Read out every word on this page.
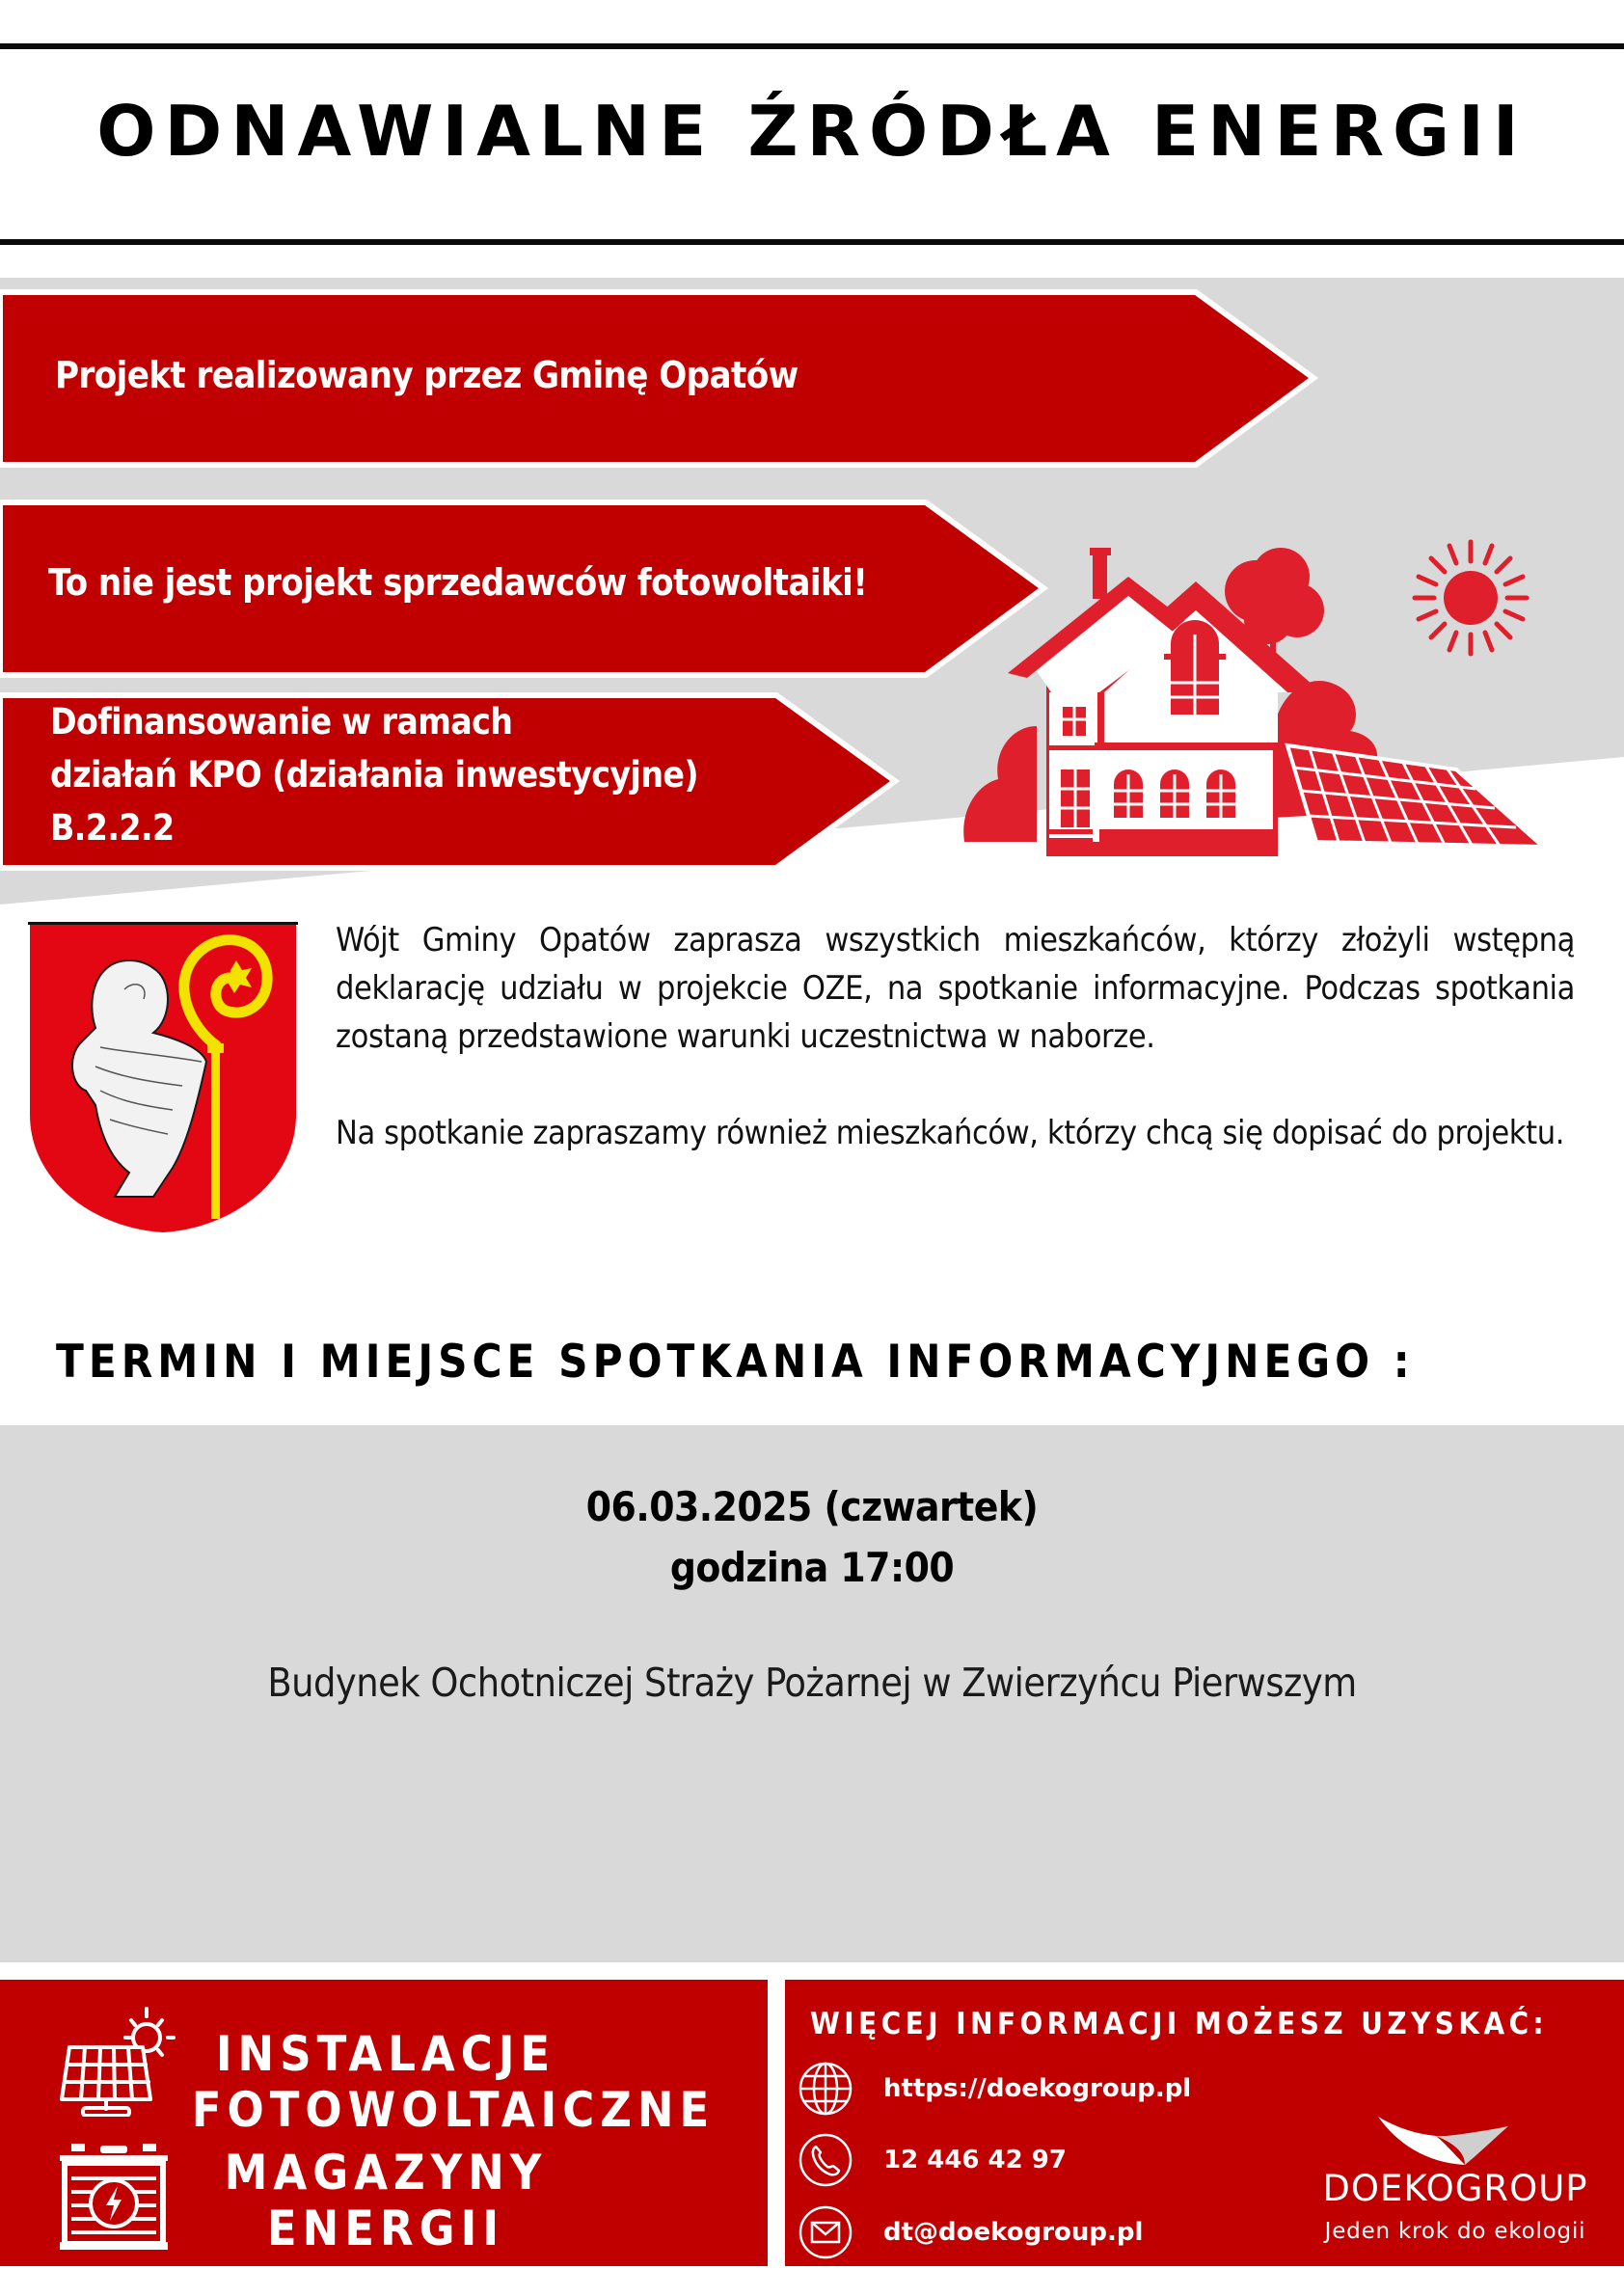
ODNAWIALNE ŹRÓDŁA ENERGII
Projekt realizowany przez Gminę Opatów
To nie jest projekt sprzedawców fotowoltaiki!
Dofinansowanie w ramach
działań KPO (działania inwestycyjne)
B.2.2.2

Wójt Gminy Opatów zaprasza wszystkich mieszkańców, którzy złożyli wstępną deklarację udziału w projekcie OZE, na spotkanie informacyjne. Podczas spotkania zostaną przedstawione warunki uczestnictwa w naborze.

Na spotkanie zapraszamy również mieszkańców, którzy chcą się dopisać do projektu.

TERMIN I MIEJSCE SPOTKANIA INFORMACYJNEGO :
06.03.2025 (czwartek)
godzina 17:00
Budynek Ochotniczej Straży Pożarnej w Zwierzyńcu Pierwszym
INSTALACJE
FOTOWOLTAICZNE
MAGAZYNY
ENERGII
WIĘCEJ INFORMACJI MOŻESZ UZYSKAĆ:
https://doekogroup.pl
12 446 42 97
dt@doekogroup.pl
DOEKOGROUP
Jeden krok do ekologii
